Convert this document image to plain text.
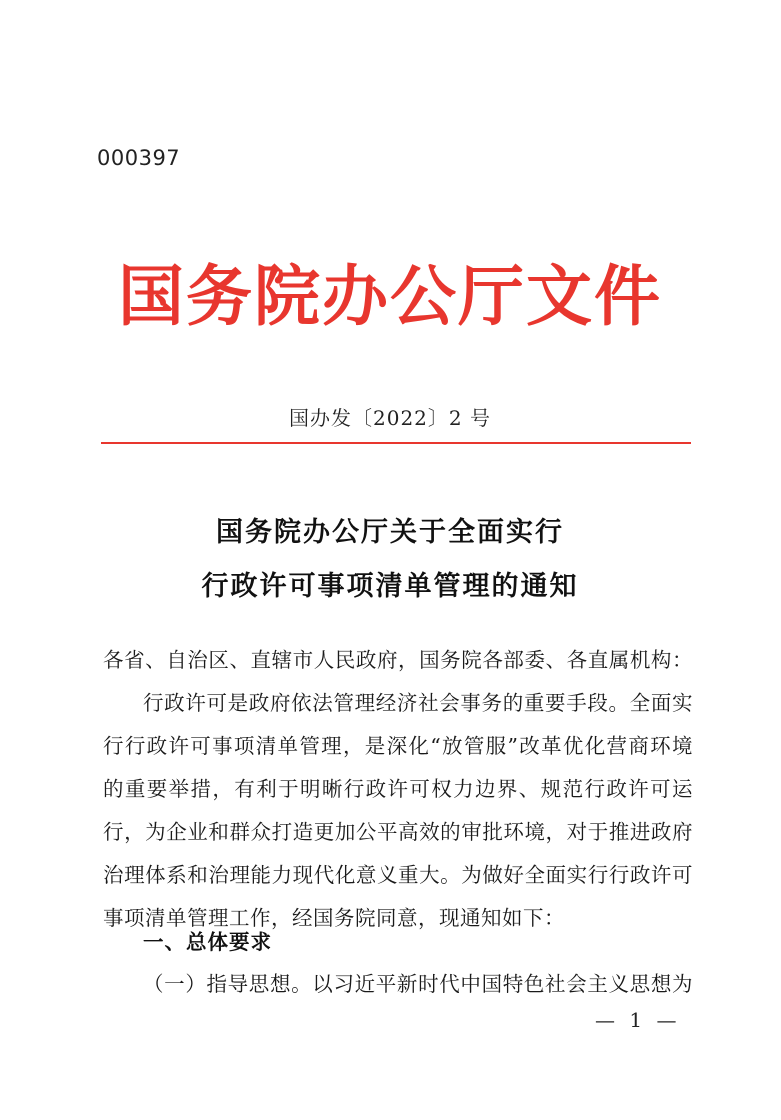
000397
国务院办公厅文件
国办发〔2022〕2 号
国务院办公厅关于全面实行
行政许可事项清单管理的通知
各省、自治区、直辖市人民政府，国务院各部委、各直属机构：
行政许可是政府依法管理经济社会事务的重要手段。全面实
行行政许可事项清单管理，是深化“放管服”改革优化营商环境
的重要举措，有利于明晰行政许可权力边界、规范行政许可运
行，为企业和群众打造更加公平高效的审批环境，对于推进政府
治理体系和治理能力现代化意义重大。为做好全面实行行政许可
事项清单管理工作，经国务院同意，现通知如下：
一、总体要求
（一）指导思想。以习近平新时代中国特色社会主义思想为
— 1 —
